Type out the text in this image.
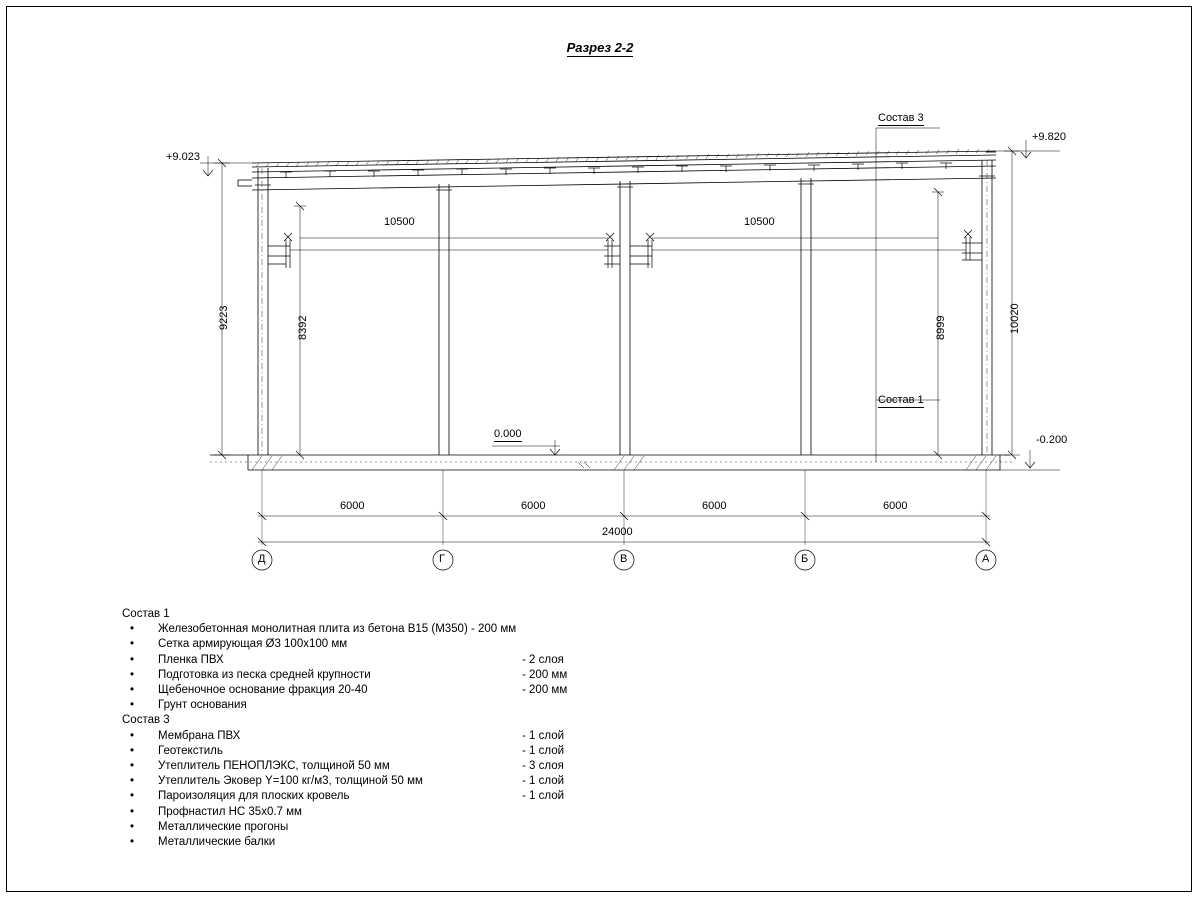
Разрез 2-2
+9.023
+9.820
0.000	-0.200
Состав 3
Состав 1
10500	10500
9223	8392	8999	10020
6000	6000	6000	6000
24000
Д	Г	В	Б	А
Состав 1
• Железобетонная монолитная плита из бетона B15 (М350) - 200 мм
• Сетка армирующая Ø3 100х100 мм
• Пленка ПВХ	- 2 слоя
• Подготовка из песка средней крупности	- 200 мм
• Щебеночное основание фракция 20-40	- 200 мм
• Грунт основания
Состав 3
• Мембрана ПВХ	- 1 слой
• Геотекстиль	- 1 слой
• Утеплитель ПЕНОПЛЭКС, толщиной 50 мм	- 3 слоя
• Утеплитель Эковер Y=100 кг/м3, толщиной 50 мм	- 1 слой
• Пароизоляция для плоских кровель	- 1 слой
• Профнастил НС 35х0.7 мм
• Металлические прогоны
• Металлические балки
